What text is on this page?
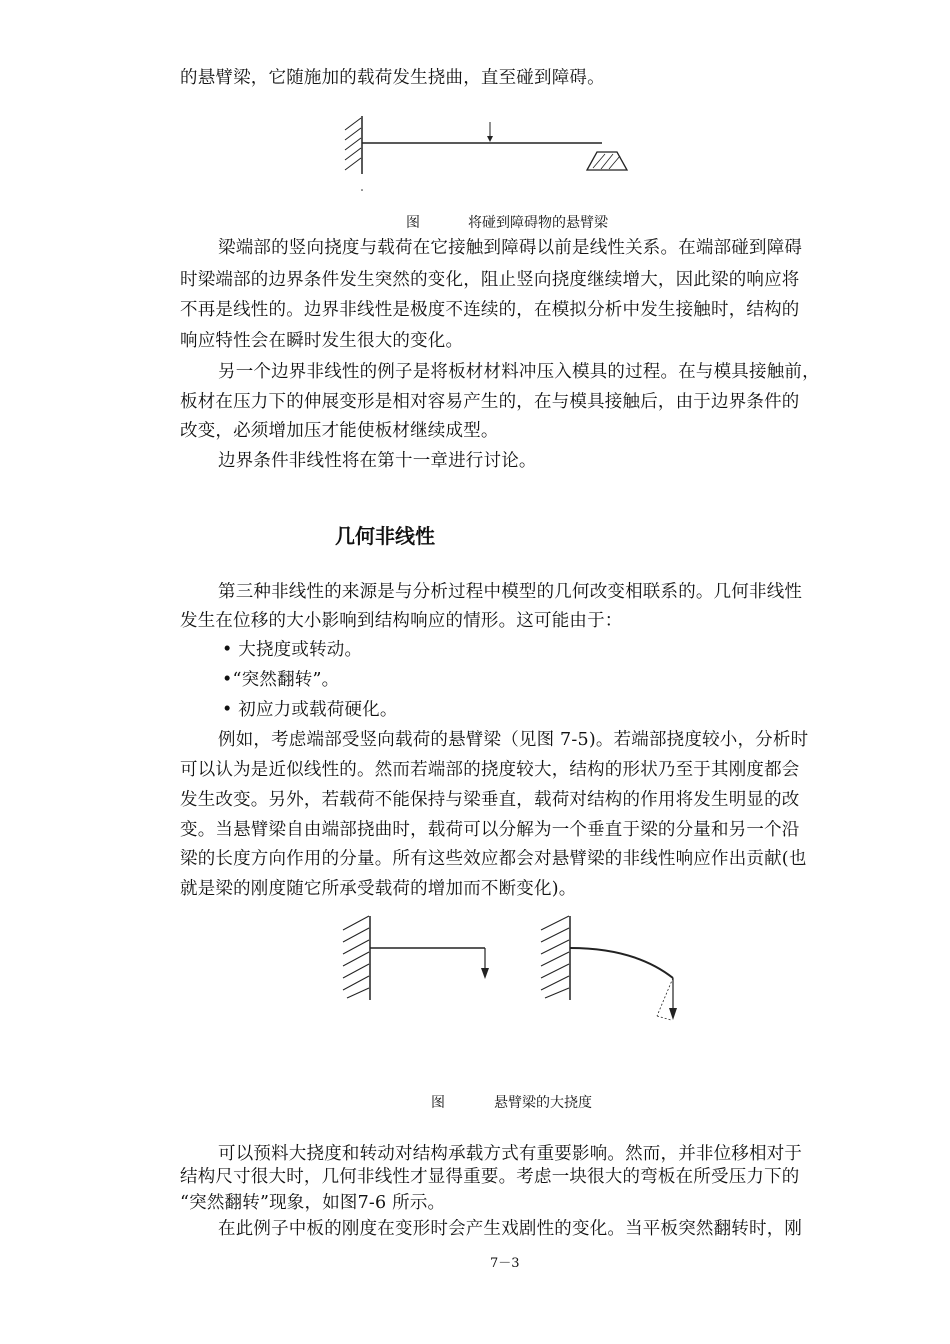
的悬臂梁，它随施加的载荷发生挠曲，直至碰到障碍。
图	将碰到障碍物的悬臂梁
梁端部的竖向挠度与载荷在它接触到障碍以前是线性关系。在端部碰到障碍
时梁端部的边界条件发生突然的变化，阻止竖向挠度继续增大，因此梁的响应将
不再是线性的。边界非线性是极度不连续的，在模拟分析中发生接触时，结构的
响应特性会在瞬时发生很大的变化。
另一个边界非线性的例子是将板材材料冲压入模具的过程。在与模具接触前，
板材在压力下的伸展变形是相对容易产生的，在与模具接触后，由于边界条件的
改变，必须增加压才能使板材继续成型。
边界条件非线性将在第十一章进行讨论。
几何非线性
第三种非线性的来源是与分析过程中模型的几何改变相联系的。几何非线性
发生在位移的大小影响到结构响应的情形。这可能由于：
• 大挠度或转动。
•“突然翻转”。
• 初应力或载荷硬化。
例如，考虑端部受竖向载荷的悬臂梁（见图 7-5)。若端部挠度较小，分析时
可以认为是近似线性的。然而若端部的挠度较大，结构的形状乃至于其刚度都会
发生改变。另外，若载荷不能保持与梁垂直，载荷对结构的作用将发生明显的改
变。当悬臂梁自由端部挠曲时，载荷可以分解为一个垂直于梁的分量和另一个沿
梁的长度方向作用的分量。所有这些效应都会对悬臂梁的非线性响应作出贡献(也
就是梁的刚度随它所承受载荷的增加而不断变化)。
图	悬臂梁的大挠度
可以预料大挠度和转动对结构承载方式有重要影响。然而，并非位移相对于
结构尺寸很大时，几何非线性才显得重要。考虑一块很大的弯板在所受压力下的
“突然翻转”现象，如图7-6 所示。
在此例子中板的刚度在变形时会产生戏剧性的变化。当平板突然翻转时，刚
7－3
